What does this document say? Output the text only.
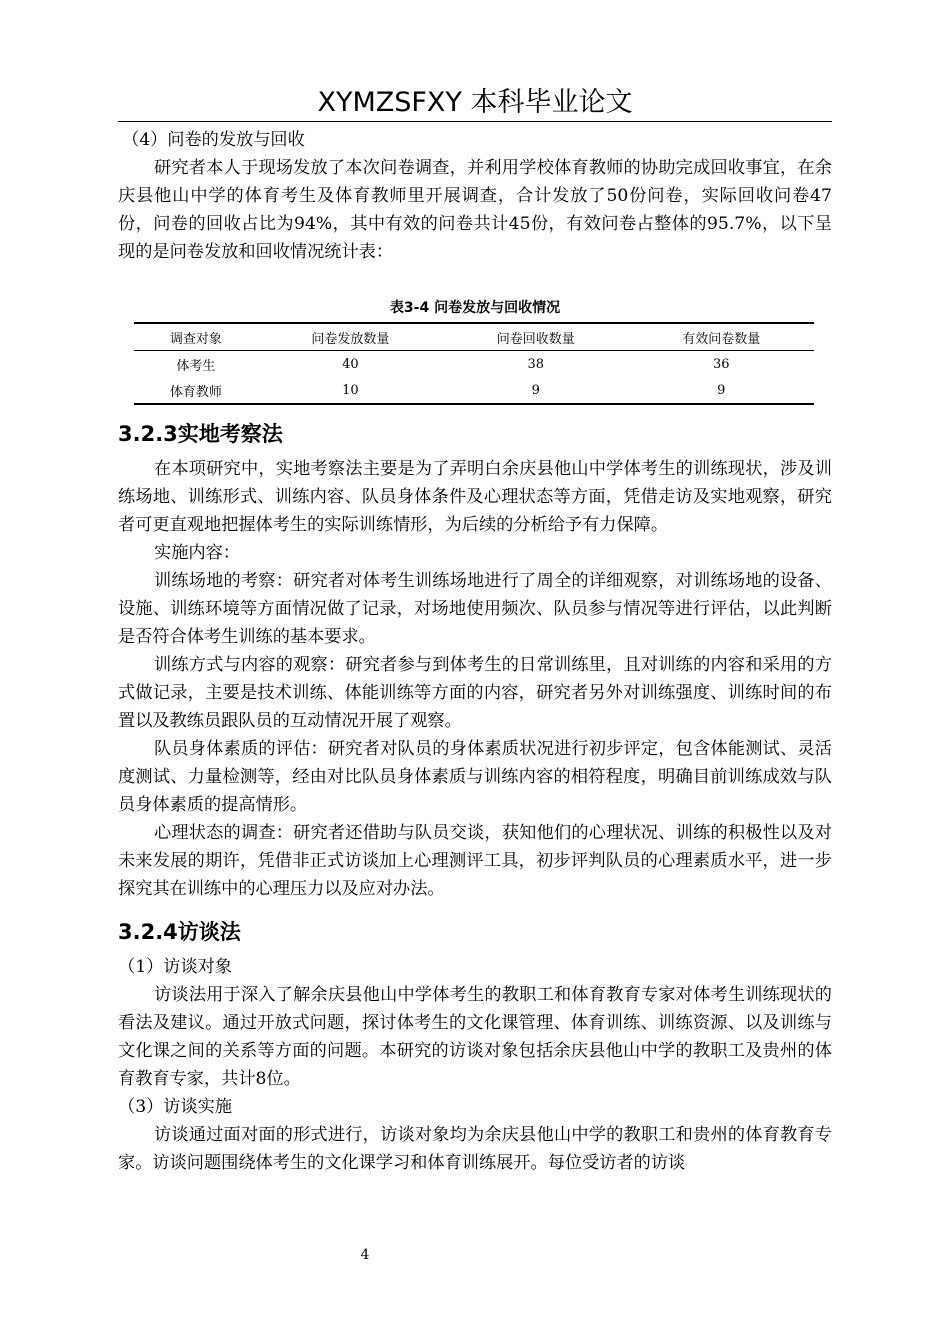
XYMZSFXY 本科毕业论文

（4）问卷的发放与回收

研究者本人于现场发放了本次问卷调查，并利用学校体育教师的协助完成回收事宜，在余庆县他山中学的体育考生及体育教师里开展调查，合计发放了50份问卷，实际回收问卷47份，问卷的回收占比为94%，其中有效的问卷共计45份，有效问卷占整体的95.7%，以下呈现的是问卷发放和回收情况统计表：

表3-4 问卷发放与回收情况
调查对象	问卷发放数量	问卷回收数量	有效问卷数量
体考生	40	38	36
体育教师	10	9	9
3.2.3实地考察法

在本项研究中，实地考察法主要是为了弄明白余庆县他山中学体考生的训练现状，涉及训练场地、训练形式、训练内容、队员身体条件及心理状态等方面，凭借走访及实地观察，研究者可更直观地把握体考生的实际训练情形，为后续的分析给予有力保障。

实施内容：

训练场地的考察：研究者对体考生训练场地进行了周全的详细观察，对训练场地的设备、设施、训练环境等方面情况做了记录，对场地使用频次、队员参与情况等进行评估，以此判断是否符合体考生训练的基本要求。

训练方式与内容的观察：研究者参与到体考生的日常训练里，且对训练的内容和采用的方式做记录，主要是技术训练、体能训练等方面的内容，研究者另外对训练强度、训练时间的布置以及教练员跟队员的互动情况开展了观察。

队员身体素质的评估：研究者对队员的身体素质状况进行初步评定，包含体能测试、灵活度测试、力量检测等，经由对比队员身体素质与训练内容的相符程度，明确目前训练成效与队员身体素质的提高情形。

心理状态的调查：研究者还借助与队员交谈，获知他们的心理状况、训练的积极性以及对未来发展的期许，凭借非正式访谈加上心理测评工具，初步评判队员的心理素质水平，进一步探究其在训练中的心理压力以及应对办法。

3.2.4访谈法

（1）访谈对象

访谈法用于深入了解余庆县他山中学体考生的教职工和体育教育专家对体考生训练现状的看法及建议。通过开放式问题，探讨体考生的文化课管理、体育训练、训练资源、以及训练与文化课之间的关系等方面的问题。本研究的访谈对象包括余庆县他山中学的教职工及贵州的体育教育专家，共计8位。

（3）访谈实施

访谈通过面对面的形式进行，访谈对象均为余庆县他山中学的教职工和贵州的体育教育专家。访谈问题围绕体考生的文化课学习和体育训练展开。每位受访者的访谈

4
